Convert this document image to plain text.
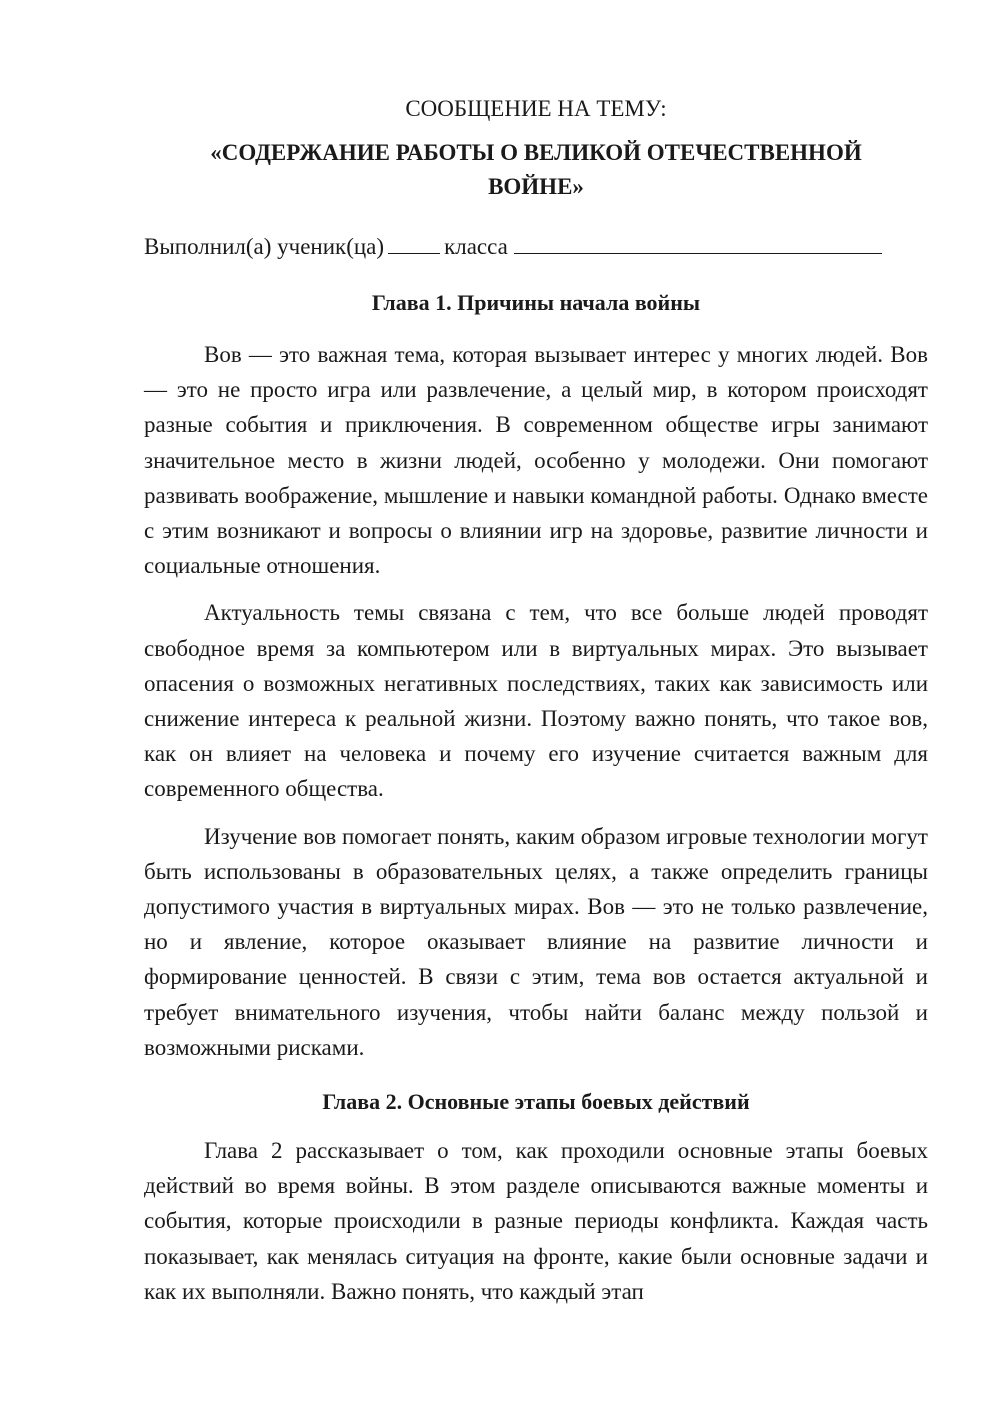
СООБЩЕНИЕ НА ТЕМУ:
«СОДЕРЖАНИЕ РАБОТЫ О ВЕЛИКОЙ ОТЕЧЕСТВЕННОЙ
ВОЙНЕ»
Выполнил(а) ученик(ца)	класса
Глава 1. Причины начала войны

Вов — это важная тема, которая вызывает интерес у многих людей. Вов — это не просто игра или развлечение, а целый мир, в котором происходят разные события и приключения. В современном обществе игры занимают значительное место в жизни людей, особенно у молодежи. Они помогают развивать воображение, мышление и навыки командной работы. Однако вместе с этим возникают и вопросы о влиянии игр на здоровье, развитие личности и социальные отношения.

Актуальность темы связана с тем, что все больше людей проводят свободное время за компьютером или в виртуальных мирах. Это вызывает опасения о возможных негативных последствиях, таких как зависимость или снижение интереса к реальной жизни. Поэтому важно понять, что такое вов, как он влияет на человека и почему его изучение считается важным для современного общества.

Изучение вов помогает понять, каким образом игровые технологии могут быть использованы в образовательных целях, а также определить границы допустимого участия в виртуальных мирах. Вов — это не только развлечение, но и явление, которое оказывает влияние на развитие личности и формирование ценностей. В связи с этим, тема вов остается актуальной и требует внимательного изучения, чтобы найти баланс между пользой и возможными рисками.

Глава 2. Основные этапы боевых действий

Глава 2 рассказывает о том, как проходили основные этапы боевых действий во время войны. В этом разделе описываются важные моменты и события, которые происходили в разные периоды конфликта. Каждая часть показывает, как менялась ситуация на фронте, какие были основные задачи и как их выполняли. Важно понять, что каждый этап
